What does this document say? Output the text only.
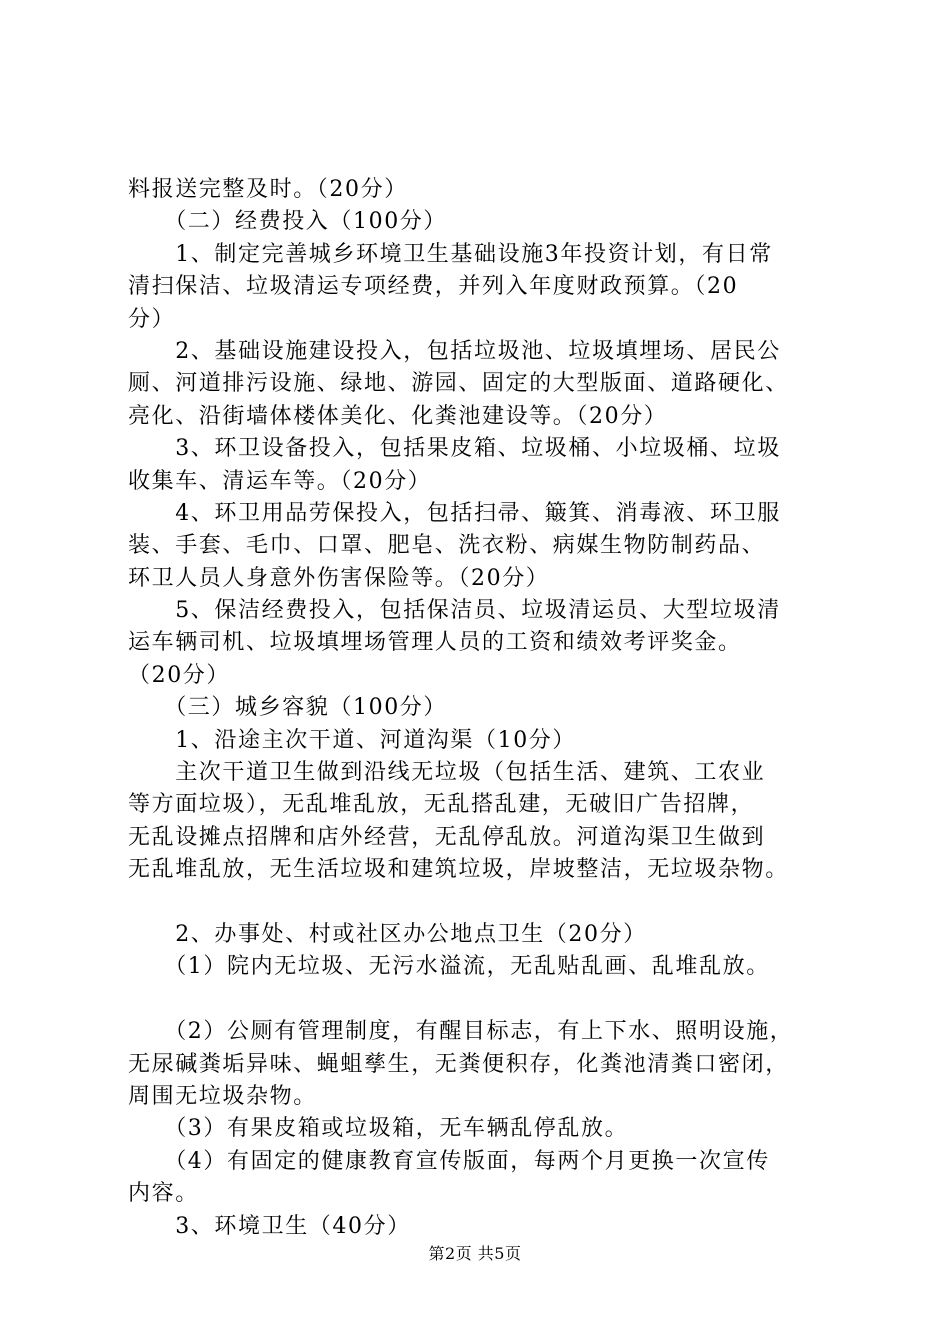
料报送完整及时。（20分）
　　（二）经费投入（100分）
　　1、制定完善城乡环境卫生基础设施3年投资计划，有日常
清扫保洁、垃圾清运专项经费，并列入年度财政预算。（20
分）
　　2、基础设施建设投入，包括垃圾池、垃圾填埋场、居民公
厕、河道排污设施、绿地、游园、固定的大型版面、道路硬化、
亮化、沿街墙体楼体美化、化粪池建设等。（20分）
　　3、环卫设备投入，包括果皮箱、垃圾桶、小垃圾桶、垃圾
收集车、清运车等。（20分）
　　4、环卫用品劳保投入，包括扫帚、簸箕、消毒液、环卫服
装、手套、毛巾、口罩、肥皂、洗衣粉、病媒生物防制药品、
环卫人员人身意外伤害保险等。（20分）
　　5、保洁经费投入，包括保洁员、垃圾清运员、大型垃圾清
运车辆司机、垃圾填埋场管理人员的工资和绩效考评奖金。
（20分）
　　（三）城乡容貌（100分）
　　1、沿途主次干道、河道沟渠（10分）
　　主次干道卫生做到沿线无垃圾（包括生活、建筑、工农业
等方面垃圾），无乱堆乱放，无乱搭乱建，无破旧广告招牌，
无乱设摊点招牌和店外经营，无乱停乱放。河道沟渠卫生做到
无乱堆乱放，无生活垃圾和建筑垃圾，岸坡整洁，无垃圾杂物。
　　2、办事处、村或社区办公地点卫生（20分）
　　（1）院内无垃圾、无污水溢流，无乱贴乱画、乱堆乱放。
　　（2）公厕有管理制度，有醒目标志，有上下水、照明设施，
无尿碱粪垢异味、蝇蛆孳生，无粪便积存，化粪池清粪口密闭，
周围无垃圾杂物。
　　（3）有果皮箱或垃圾箱，无车辆乱停乱放。
　　（4）有固定的健康教育宣传版面，每两个月更换一次宣传
内容。
　　3、环境卫生（40分）
第2页 共5页
